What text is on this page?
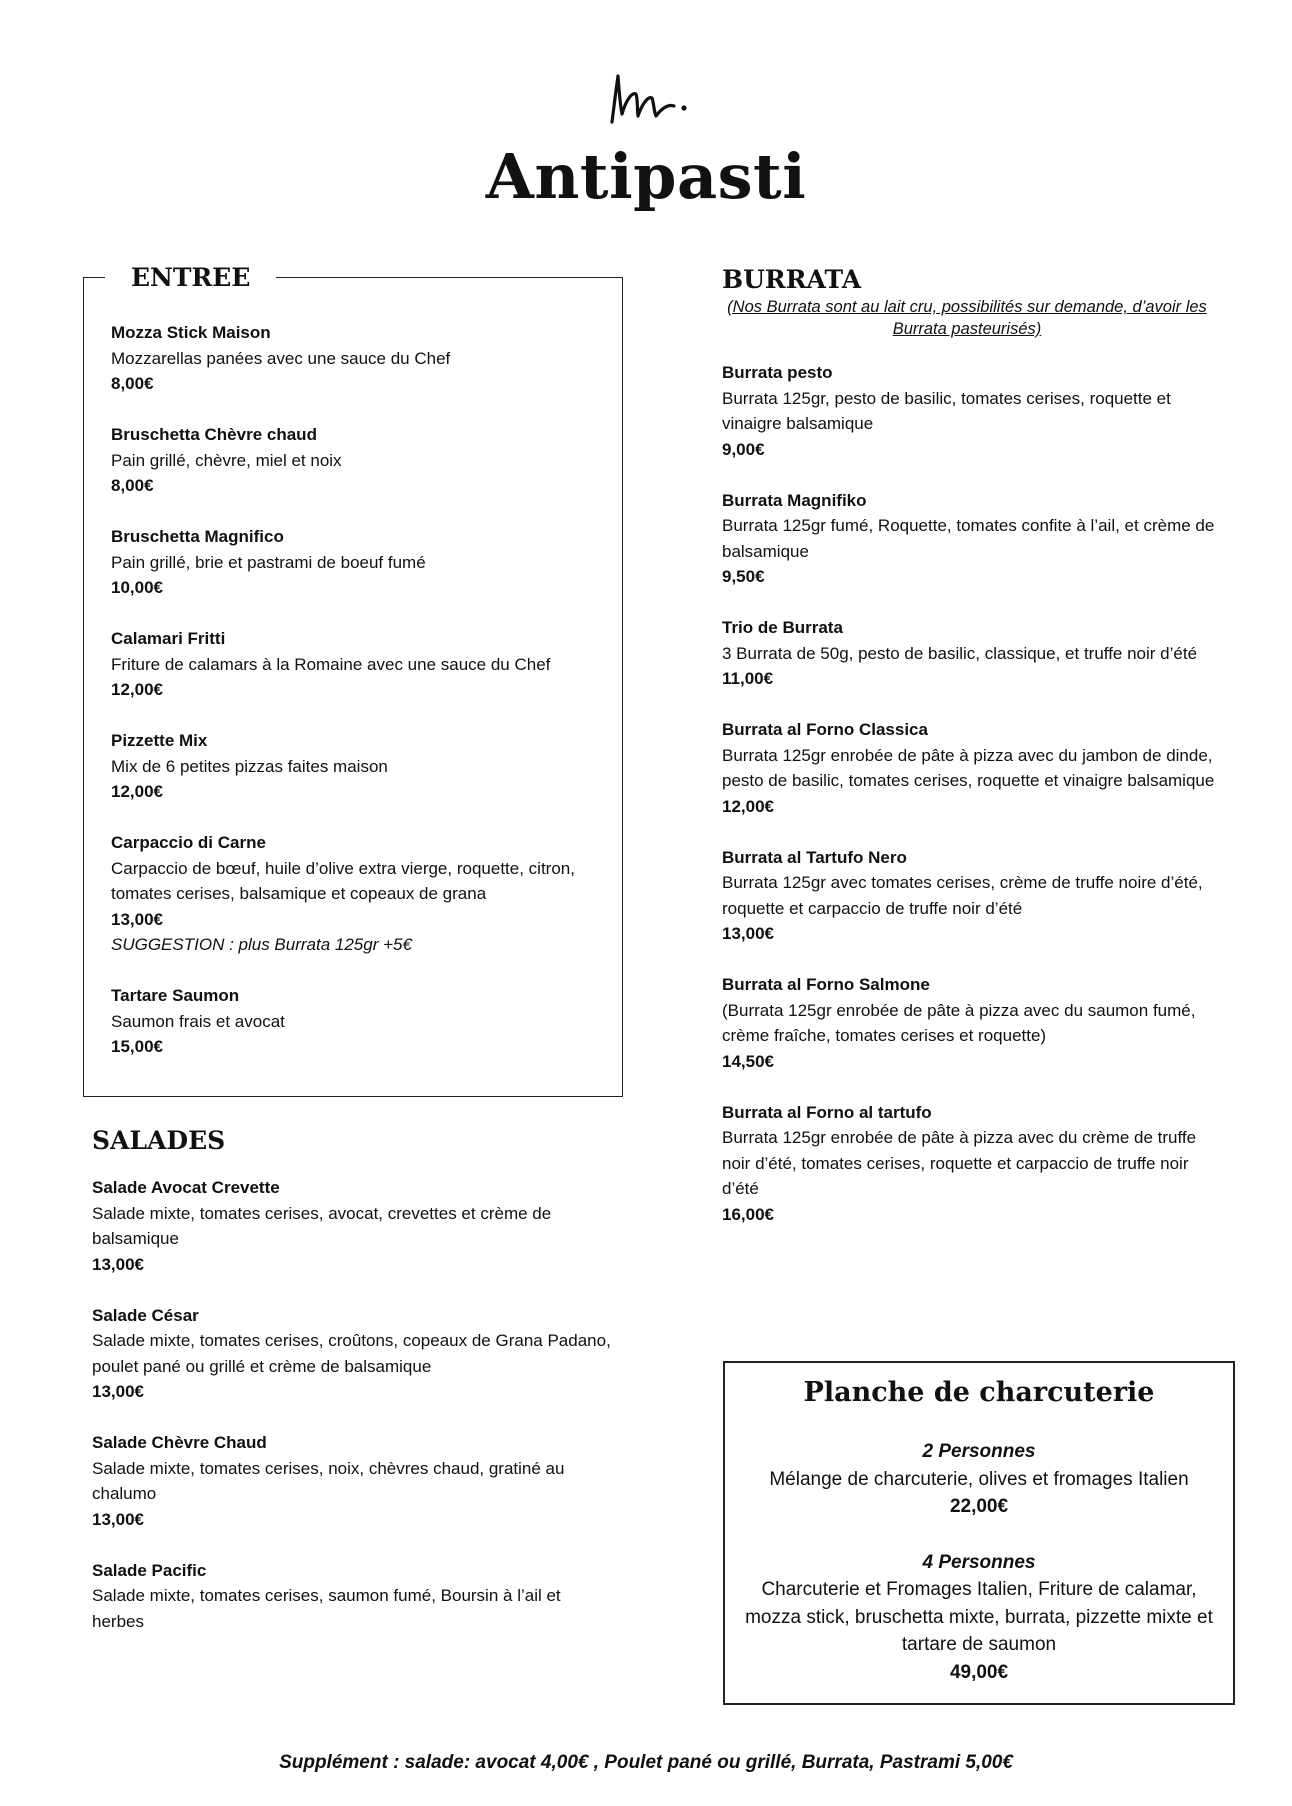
Antipasti
ENTREE
Mozza Stick Maison
Mozzarellas panées avec une sauce du Chef
8,00€
Bruschetta Chèvre chaud
Pain grillé, chèvre, miel et noix
8,00€
Bruschetta Magnifico
Pain grillé, brie et pastrami de boeuf fumé
10,00€
Calamari Fritti
Friture de calamars à la Romaine avec une sauce du Chef
12,00€
Pizzette Mix
Mix de 6 petites pizzas faites maison
12,00€
Carpaccio di Carne
Carpaccio de bœuf, huile d’olive extra vierge, roquette, citron, tomates cerises, balsamique et copeaux de grana
13,00€
SUGGESTION : plus Burrata 125gr +5€
Tartare Saumon
Saumon frais et avocat
15,00€
SALADES
Salade Avocat Crevette
Salade mixte, tomates cerises, avocat, crevettes et crème de balsamique
13,00€
Salade César
Salade mixte, tomates cerises, croûtons, copeaux de Grana Padano, poulet pané ou grillé et crème de balsamique
13,00€
Salade Chèvre Chaud
Salade mixte, tomates cerises, noix, chèvres chaud, gratiné au chalumo
13,00€
Salade Pacific
Salade mixte, tomates cerises, saumon fumé, Boursin à l’ail et herbes
BURRATA
(Nos Burrata sont au lait cru, possibilités sur demande, d’avoir les Burrata pasteurisés)
Burrata pesto
Burrata 125gr, pesto de basilic, tomates cerises, roquette et vinaigre balsamique
9,00€
Burrata Magnifiko
Burrata 125gr fumé, Roquette, tomates confite à l’ail, et crème de balsamique
9,50€
Trio de Burrata
3 Burrata de 50g, pesto de basilic, classique, et truffe noir d’été
11,00€
Burrata al Forno Classica
Burrata 125gr enrobée de pâte à pizza avec du jambon de dinde, pesto de basilic, tomates cerises, roquette et vinaigre balsamique
12,00€
Burrata al Tartufo Nero
Burrata 125gr avec tomates cerises, crème de truffe noire d’été, roquette et carpaccio de truffe noir d’été
13,00€
Burrata al Forno Salmone
(Burrata 125gr enrobée de pâte à pizza avec du saumon fumé, crème fraîche, tomates cerises et roquette)
14,50€
Burrata al Forno al tartufo
Burrata 125gr enrobée de pâte à pizza avec du crème de truffe noir d’été, tomates cerises, roquette et carpaccio de truffe noir d’été
16,00€
Planche de charcuterie
2 Personnes
Mélange de charcuterie, olives et fromages Italien
22,00€
4 Personnes
Charcuterie et Fromages Italien, Friture de calamar, mozza stick, bruschetta mixte, burrata, pizzette mixte et tartare de saumon
49,00€
Supplément : salade: avocat 4,00€ , Poulet pané ou grillé, Burrata, Pastrami 5,00€
